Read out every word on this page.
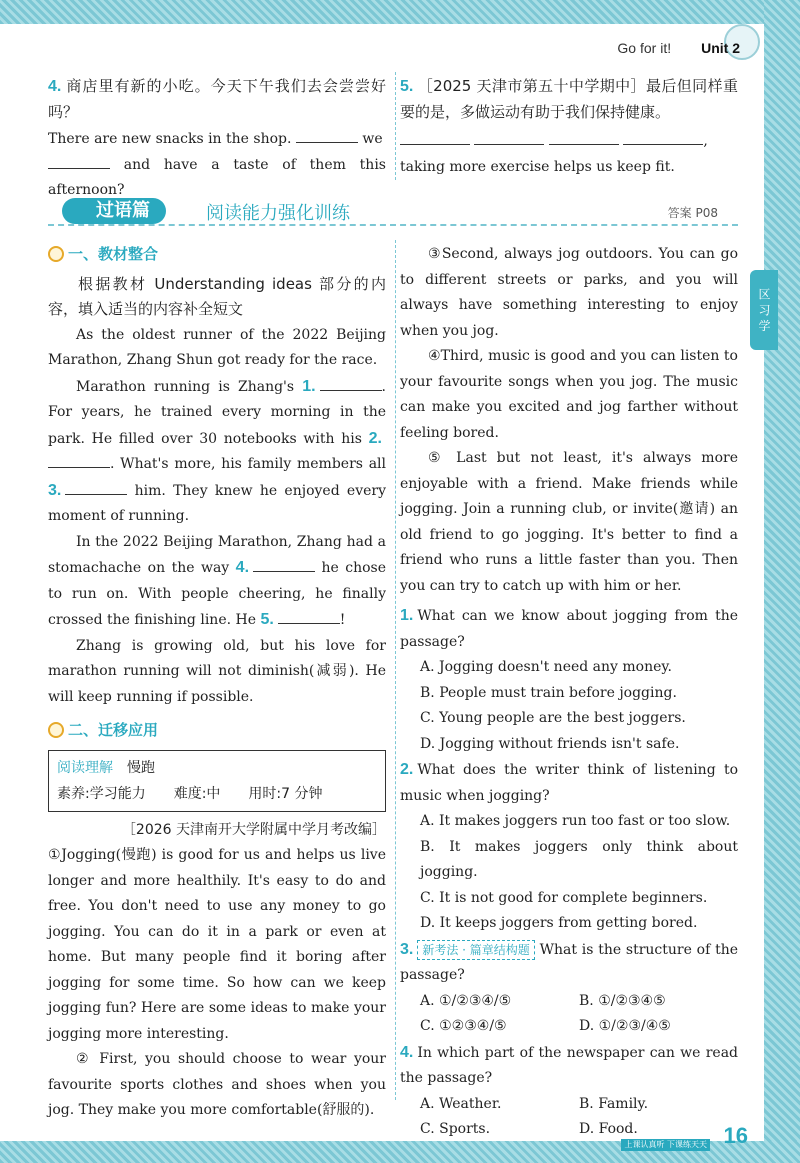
Go for it! Unit 2
区 习 学

4. 商店里有新的小吃。今天下午我们去会尝尝好吗？

There are new snacks in the shop.	we

and have a taste of them this afternoon?

5. ［2025 天津市第五十中学期中］最后但同样重要的是，多做运动有助于我们保持健康。

,

taking more exercise helps us keep fit.

过语篇	阅读能力强化训练	答案 P08
一、教材整合

根据教材 Understanding ideas 部分的内容，填入适当的内容补全短文

As the oldest runner of the 2022 Beijing Marathon, Zhang Shun got ready for the race.

Marathon running is Zhang's 1.	. For years, he trained every morning in the park. He filled over 30 notebooks with his 2.. What's more, his family members all 3.	him. They knew he enjoyed every moment of running.

In the 2022 Beijing Marathon, Zhang had a stomachache on the way 4.	he chose to run on. With people cheering, he finally crossed the finishing line. He 5.	!

Zhang is growing old, but his love for marathon running will not diminish(减弱). He will keep running if possible.

二、迁移应用
阅读理解　 慢跑
素养:学习能力　　难度:中　　用时:7 分钟

［2026 天津南开大学附属中学月考改编］

①Jogging(慢跑) is good for us and helps us live longer and more healthily. It's easy to do and free. You don't need to use any money to go jogging. You can do it in a park or even at home. But many people find it boring after jogging for some time. So how can we keep jogging fun? Here are some ideas to make your jogging more interesting.

② First, you should choose to wear your favourite sports clothes and shoes when you jog. They make you more comfortable(舒服的).

③Second, always jog outdoors. You can go to different streets or parks, and you will always have something interesting to enjoy when you jog.

④Third, music is good and you can listen to your favourite songs when you jog. The music can make you excited and jog farther without feeling bored.

⑤ Last but not least, it's always more enjoyable with a friend. Make friends while jogging. Join a running club, or invite(邀请) an old friend to go jogging. It's better to find a friend who runs a little faster than you. Then you can try to catch up with him or her.

1. What can we know about jogging from the passage?

A. Jogging doesn't need any money.

B. People must train before jogging.

C. Young people are the best joggers.

D. Jogging without friends isn't safe.

2. What does the writer think of listening to music when jogging?

A. It makes joggers run too fast or too slow.

B. It makes joggers only think about jogging.

C. It is not good for complete beginners.

D. It keeps joggers from getting bored.

3. 新考法 · 篇章结构题 What is the structure of the passage?

A. ①/②③④/⑤	B. ①/②③④⑤
C. ①②③④/⑤	D. ①/②③/④⑤

4. In which part of the newspaper can we read the passage?

A. Weather.	B. Family.
C. Sports.	D. Food.
上课认真听 下课练天天 16
